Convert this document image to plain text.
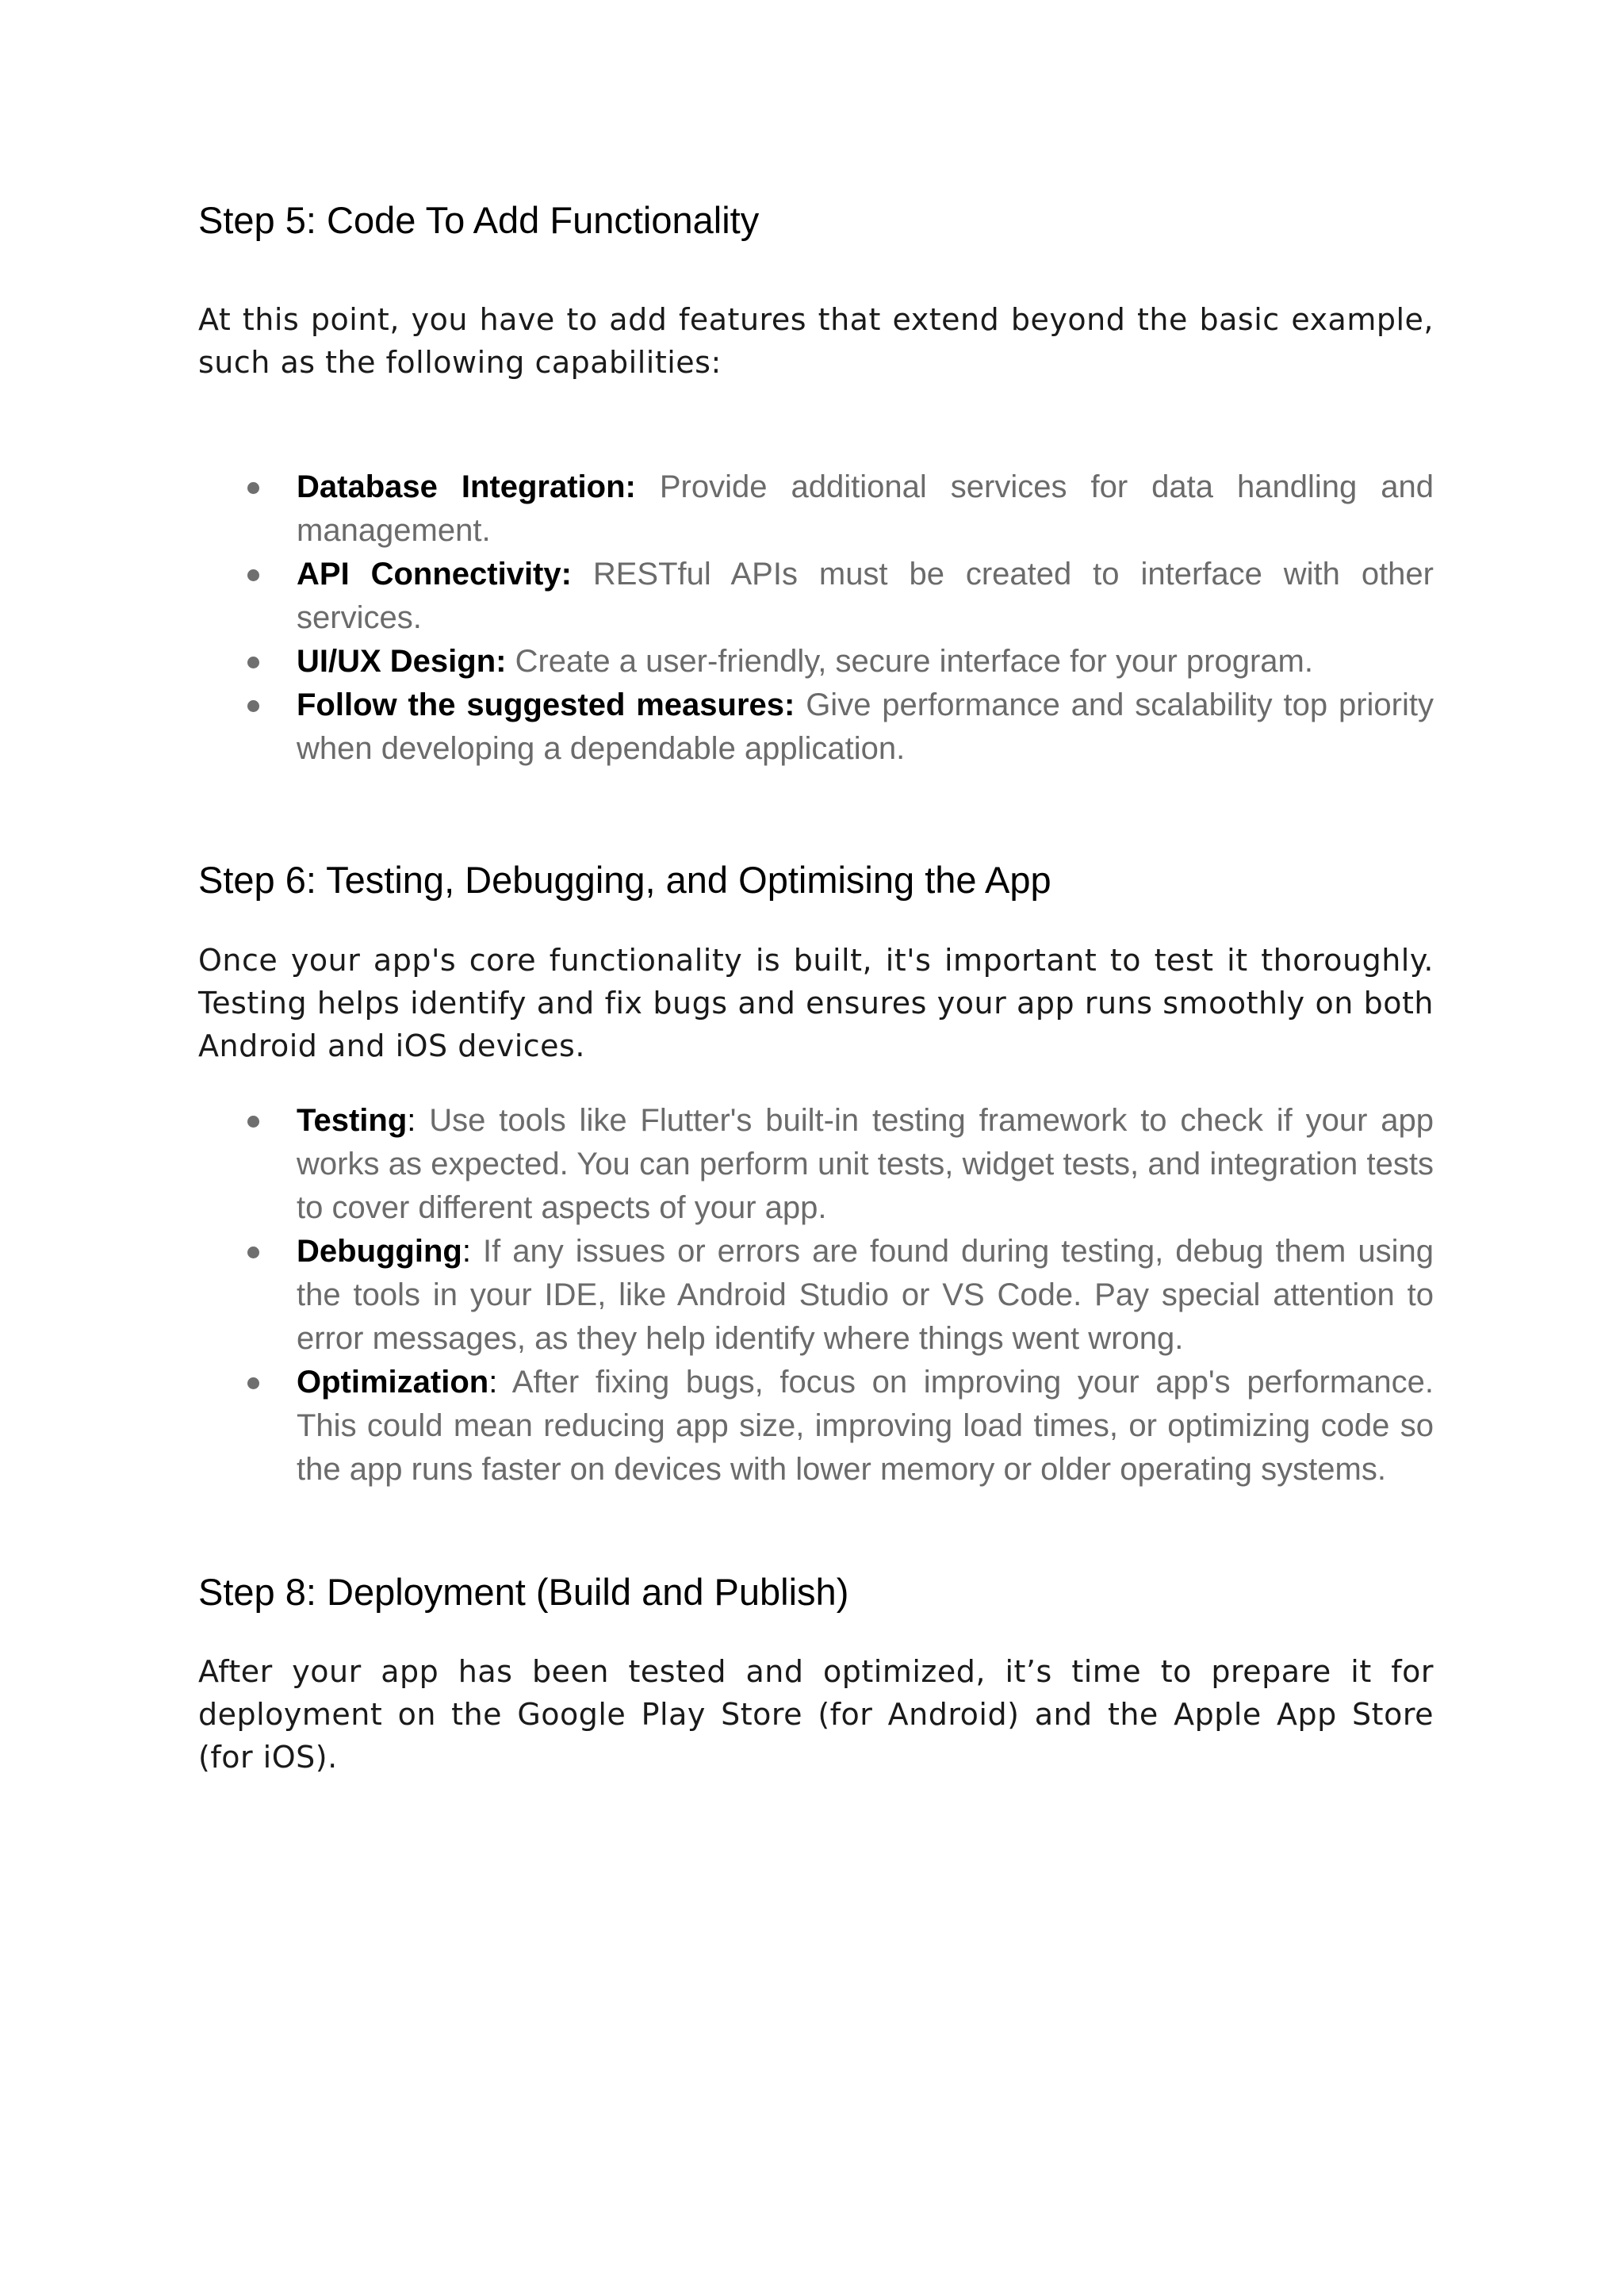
Step 5: Code To Add Functionality

At this point, you have to add features that extend beyond the basic example, such as the following capabilities:

Database Integration: Provide additional services for data handling and management.
API Connectivity: RESTful APIs must be created to interface with other services.
UI/UX Design: Create a user-friendly, secure interface for your program.
Follow the suggested measures: Give performance and scalability top priority when developing a dependable application.
Step 6: Testing, Debugging, and Optimising the App

Once your app's core functionality is built, it's important to test it thoroughly. Testing helps identify and fix bugs and ensures your app runs smoothly on both Android and iOS devices.

Testing: Use tools like Flutter's built-in testing framework to check if your app works as expected. You can perform unit tests, widget tests, and integration tests to cover different aspects of your app.
Debugging: If any issues or errors are found during testing, debug them using the tools in your IDE, like Android Studio or VS Code. Pay special attention to error messages, as they help identify where things went wrong.
Optimization: After fixing bugs, focus on improving your app's performance. This could mean reducing app size, improving load times, or optimizing code so the app runs faster on devices with lower memory or older operating systems.
Step 8: Deployment (Build and Publish)

After your app has been tested and optimized, it’s time to prepare it for deployment on the Google Play Store (for Android) and the Apple App Store (for iOS).
